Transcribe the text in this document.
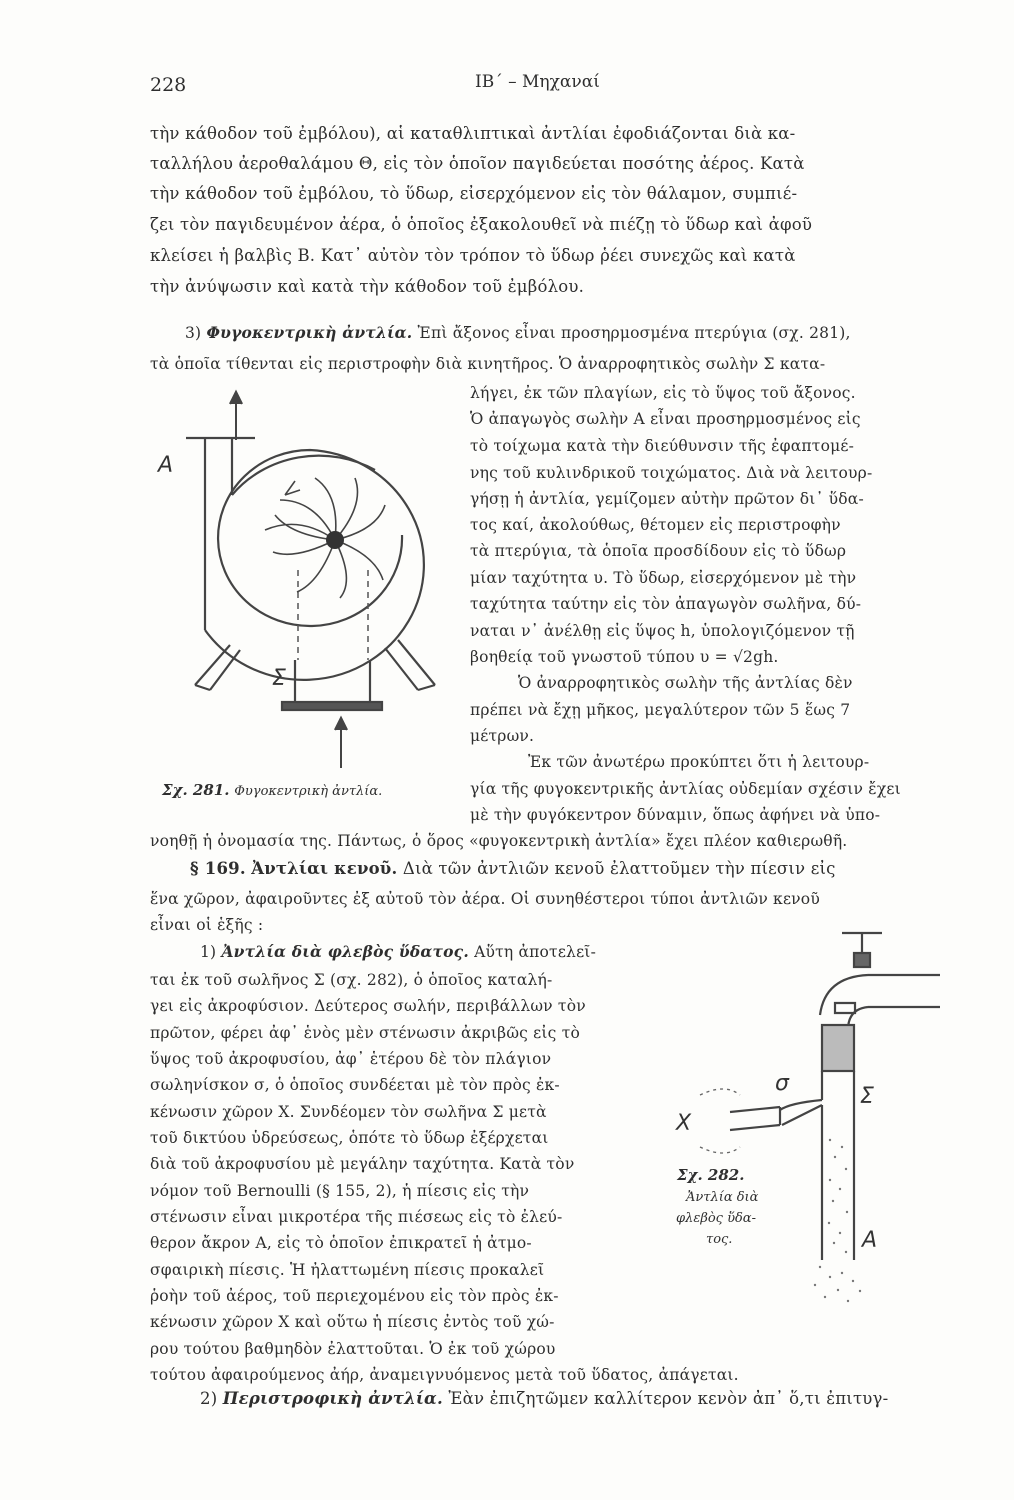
228	ΙΒ΄ – Μηχαναί
τὴν κάθοδον τοῦ ἐμβόλου), αἱ καταθλιπτικαὶ ἀντλίαι ἐφοδιάζονται διὰ κα-
ταλλήλου ἀεροθαλάμου Θ, εἰς τὸν ὁποῖον παγιδεύεται ποσότης ἀέρος. Κατὰ
τὴν κάθοδον τοῦ ἐμβόλου, τὸ ὕδωρ, εἰσερχόμενον εἰς τὸν θάλαμον, συμπιέ-
ζει τὸν παγιδευμένον ἀέρα, ὁ ὁποῖος ἐξακολουθεῖ νὰ πιέζῃ τὸ ὕδωρ καὶ ἀφοῦ
κλείσει ἡ βαλβὶς Β. Κατ᾽ αὐτὸν τὸν τρόπον τὸ ὕδωρ ῥέει συνεχῶς καὶ κατὰ
τὴν ἀνύψωσιν καὶ κατὰ τὴν κάθοδον τοῦ ἐμβόλου.
3) Φυγοκεντρικὴ ἀντλία. Ἐπὶ ἄξονος εἶναι προσηρμοσμένα πτερύγια (σχ. 281),
τὰ ὁποῖα τίθενται εἰς περιστροφὴν διὰ κινητῆρος. Ὁ ἀναρροφητικὸς σωλὴν Σ κατα-
λήγει, ἐκ τῶν πλαγίων, εἰς τὸ ὕψος τοῦ ἄξονος.
Ὁ ἀπαγωγὸς σωλὴν Α εἶναι προσηρμοσμένος εἰς
τὸ τοίχωμα κατὰ τὴν διεύθυνσιν τῆς ἐφαπτομέ-
νης τοῦ κυλινδρικοῦ τοιχώματος. Διὰ νὰ λειτουρ-
γήσῃ ἡ ἀντλία, γεμίζομεν αὐτὴν πρῶτον δι᾽ ὕδα-
τος καί, ἀκολούθως, θέτομεν εἰς περιστροφὴν
τὰ πτερύγια, τὰ ὁποῖα προσδίδουν εἰς τὸ ὕδωρ
μίαν ταχύτητα υ. Τὸ ὕδωρ, εἰσερχόμενον μὲ τὴν
ταχύτητα ταύτην εἰς τὸν ἀπαγωγὸν σωλῆνα, δύ-
ναται ν᾽ ἀνέλθῃ εἰς ὕψος h, ὑπολογιζόμενον τῇ
βοηθείᾳ τοῦ γνωστοῦ τύπου υ = √2gh.
Ὁ ἀναρροφητικὸς σωλὴν τῆς ἀντλίας δὲν
πρέπει νὰ ἔχῃ μῆκος, μεγαλύτερον τῶν 5 ἕως 7
μέτρων.
Ἐκ τῶν ἀνωτέρω προκύπτει ὅτι ἡ λειτουρ-
γία τῆς φυγοκεντρικῆς ἀντλίας οὐδεμίαν σχέσιν ἔχει
μὲ τὴν φυγόκεντρον δύναμιν, ὅπως ἀφήνει νὰ ὑπο-
νοηθῇ ἡ ὀνομασία της. Πάντως, ὁ ὅρος «φυγοκεντρικὴ ἀντλία» ἔχει πλέον καθιερωθῆ.
Α
Σ
Σχ. 281. Φυγοκεντρικὴ ἀντλία.
§ 169. Ἀντλίαι κενοῦ. Διὰ τῶν ἀντλιῶν κενοῦ ἐλαττοῦμεν τὴν πίεσιν εἰς
ἕνα χῶρον, ἀφαιροῦντες ἐξ αὐτοῦ τὸν ἀέρα. Οἱ συνηθέστεροι τύποι ἀντλιῶν κενοῦ
εἶναι οἱ ἑξῆς :
1) Ἀντλία διὰ φλεβὸς ὕδατος. Αὕτη ἀποτελεῖ-
ται ἐκ τοῦ σωλῆνος Σ (σχ. 282), ὁ ὁποῖος καταλή-
γει εἰς ἀκροφύσιον. Δεύτερος σωλήν, περιβάλλων τὸν
πρῶτον, φέρει ἀφ᾽ ἑνὸς μὲν στένωσιν ἀκριβῶς εἰς τὸ
ὕψος τοῦ ἀκροφυσίου, ἀφ᾽ ἑτέρου δὲ τὸν πλάγιον
σωληνίσκον σ, ὁ ὁποῖος συνδέεται μὲ τὸν πρὸς ἐκ-
κένωσιν χῶρον Χ. Συνδέομεν τὸν σωλῆνα Σ μετὰ
τοῦ δικτύου ὑδρεύσεως, ὁπότε τὸ ὕδωρ ἐξέρχεται
διὰ τοῦ ἀκροφυσίου μὲ μεγάλην ταχύτητα. Κατὰ τὸν
νόμον τοῦ Bernoulli (§ 155, 2), ἡ πίεσις εἰς τὴν
στένωσιν εἶναι μικροτέρα τῆς πιέσεως εἰς τὸ ἐλεύ-
θερον ἄκρον Α, εἰς τὸ ὁποῖον ἐπικρατεῖ ἡ ἀτμο-
σφαιρικὴ πίεσις. Ἡ ἠλαττωμένη πίεσις προκαλεῖ
ῥοὴν τοῦ ἀέρος, τοῦ περιεχομένου εἰς τὸν πρὸς ἐκ-
κένωσιν χῶρον Χ καὶ οὕτω ἡ πίεσις ἐντὸς τοῦ χώ-
ρου τούτου βαθμηδὸν ἐλαττοῦται. Ὁ ἐκ τοῦ χώρου
τούτου ἀφαιρούμενος ἀήρ, ἀναμειγνυόμενος μετὰ τοῦ ὕδατος, ἀπάγεται.
Χ
σ
Σ
Α
Σχ. 282.
Ἀντλία διὰ
φλεβὸς ὕδα-
τος.
2) Περιστροφικὴ ἀντλία. Ἐὰν ἐπιζητῶμεν καλλίτερον κενὸν ἀπ᾽ ὅ,τι ἐπιτυγ-
